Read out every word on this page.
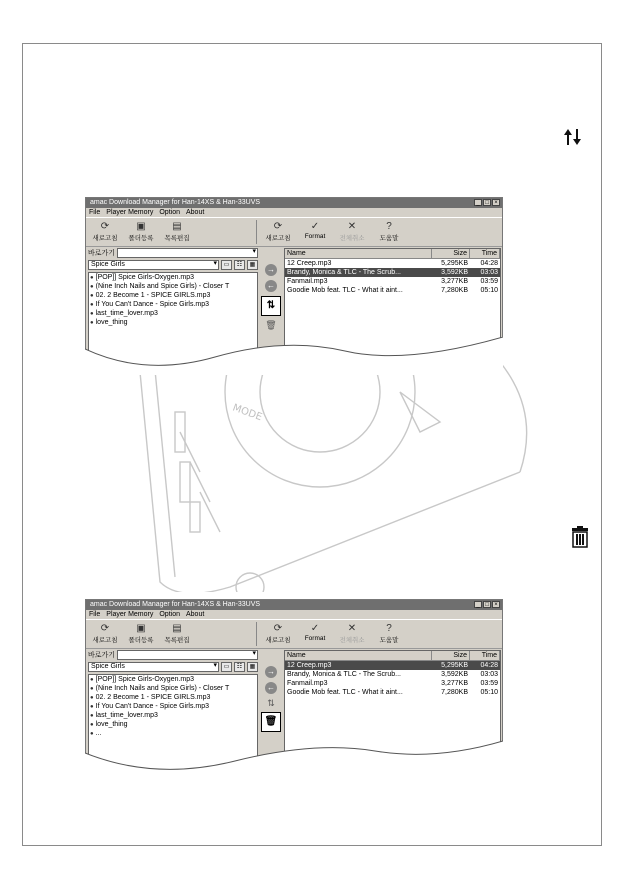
MODE
amac Download Manager for Han-14XS & Han-33UVS	_ □ ×
File Player Memory Option About
⟳
새로고침
▣
폴더등록
▤
목록편집
⟳
새로고침
✓
Format
✕
전체취소
?
도움말
바로가기
▾
Spice Girls ▾	▭	☷	▦
● [POP]] Spice Girls-Oxygen.mp3
● (Nine Inch Nails and Spice Girls) - Closer T
● 02. 2 Become 1 - SPICE GIRLS.mp3
● If You Can't Dance - Spice Girls.mp3
● last_time_lover.mp3
● love_thing
→
←
⇅
🗑
Name	Size	Time
12 Creep.mp3	5,295KB	04:28
Brandy, Monica & TLC - The Scrub...	3,592KB	03:03
Fanmail.mp3	3,277KB	03:59
Goodie Mob feat. TLC - What it aint...	7,280KB	05:10
amac Download Manager for Han-14XS & Han-33UVS	_ □ ×
File Player Memory Option About
⟳
새로고침
▣
폴더등록
▤
목록편집
⟳
새로고침
✓
Format
✕
전체취소
?
도움말
바로가기
▾
Spice Girls ▾	▭	☷	▦
● [POP]] Spice Girls-Oxygen.mp3
● (Nine Inch Nails and Spice Girls) - Closer T
● 02. 2 Become 1 - SPICE GIRLS.mp3
● If You Can't Dance - Spice Girls.mp3
● last_time_lover.mp3
● love_thing
● ...
→
←
⇅
🗑
Name	Size	Time
12 Creep.mp3	5,295KB	04:28
Brandy, Monica & TLC - The Scrub...	3,592KB	03:03
Fanmail.mp3	3,277KB	03:59
Goodie Mob feat. TLC - What it aint...	7,280KB	05:10
